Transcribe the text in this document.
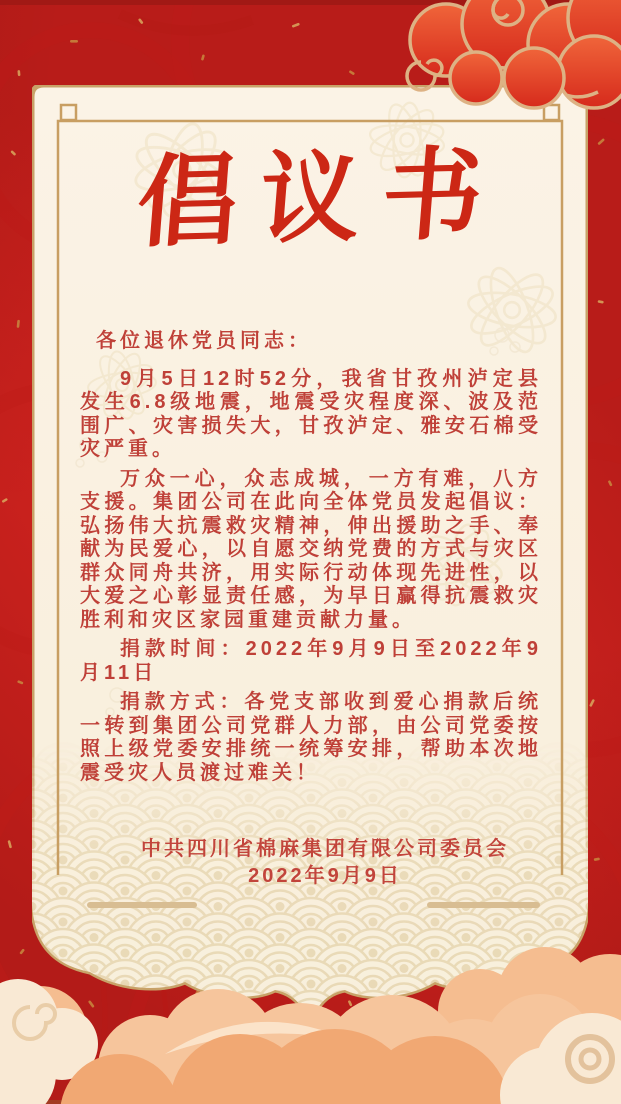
倡议书

各位退休党员同志：

9月5日12时52分，我省甘孜州泸定县发生6.8级地震，地震受灾程度深、波及范围广、灾害损失大，甘孜泸定、雅安石棉受灾严重。

万众一心，众志成城，一方有难，八方支援。集团公司在此向全体党员发起倡议：弘扬伟大抗震救灾精神，伸出援助之手、奉献为民爱心，以自愿交纳党费的方式与灾区群众同舟共济，用实际行动体现先进性，以大爱之心彰显责任感，为早日赢得抗震救灾胜利和灾区家园重建贡献力量。

捐款时间：2022年9月9日至2022年9月11日

捐款方式：各党支部收到爱心捐款后统一转到集团公司党群人力部，由公司党委按照上级党委安排统一统筹安排，帮助本次地震受灾人员渡过难关！

中共四川省棉麻集团有限公司委员会
2022年9月9日
